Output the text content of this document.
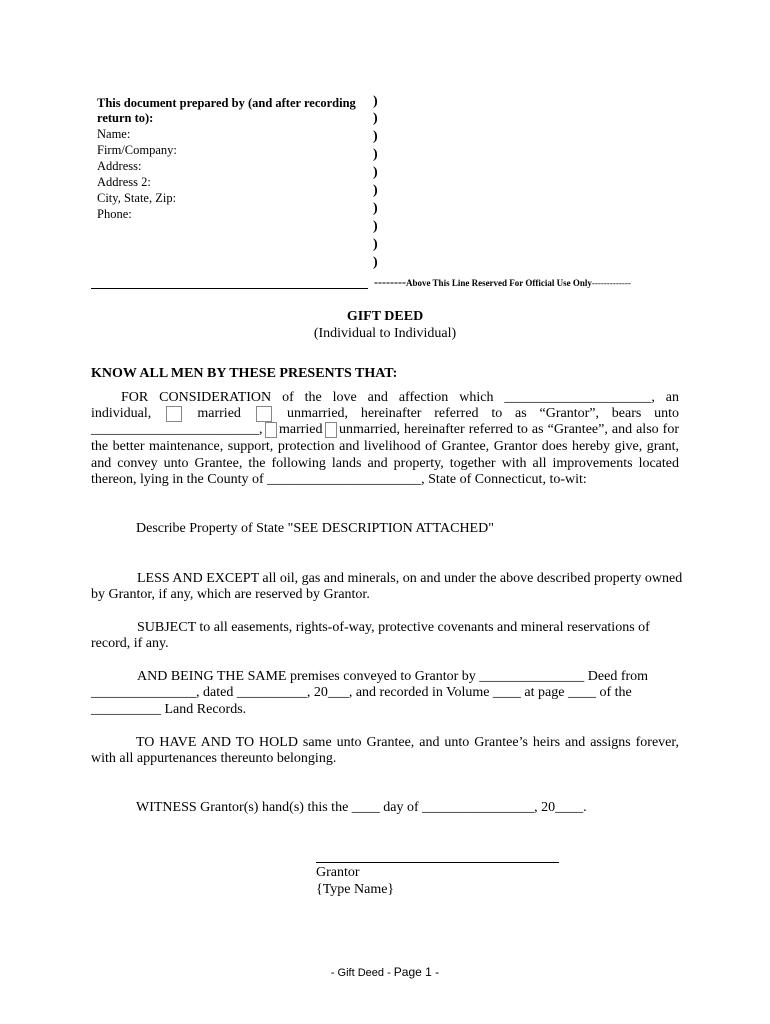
This document prepared by (and after recording
return to):
Name:
Firm/Company:
Address:
Address 2:
City, State, Zip:
Phone:
)
)
)
)
)
)
)
)
)
)
--------Above This Line Reserved For Official Use Only-------------
GIFT DEED
(Individual to Individual)
KNOW ALL MEN BY THESE PRESENTS THAT:
FOR CONSIDERATION of the love and affection which _____________________, an
individual,	married	unmarried, hereinafter referred to as “Grantor”, bears unto
________________________, married unmarried, hereinafter referred to as “Grantee”, and also for
the better maintenance, support, protection and livelihood of Grantee, Grantor does hereby give, grant,
and convey unto Grantee, the following lands and property, together with all improvements located
thereon, lying in the County of ______________________, State of Connecticut, to-wit:
Describe Property of State "SEE DESCRIPTION ATTACHED"
LESS AND EXCEPT all oil, gas and minerals, on and under the above described property owned
by Grantor, if any, which are reserved by Grantor.
SUBJECT to all easements, rights-of-way, protective covenants and mineral reservations of
record, if any.
AND BEING THE SAME premises conveyed to Grantor by _______________ Deed from
_______________, dated __________, 20___, and recorded in Volume ____ at page ____ of the
__________ Land Records.
TO HAVE AND TO HOLD same unto Grantee, and unto Grantee’s heirs and assigns forever,
with all appurtenances thereunto belonging.
WITNESS Grantor(s) hand(s) this the ____ day of ________________, 20____.
Grantor
{Type Name}
- Gift Deed - Page 1 -
